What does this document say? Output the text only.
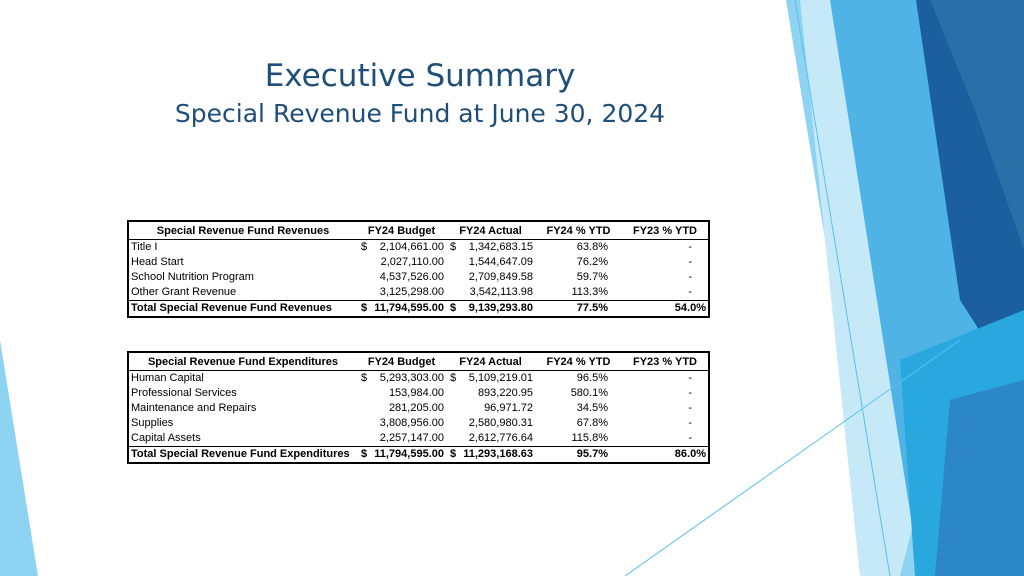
Executive Summary
Special Revenue Fund at June 30, 2024
Special Revenue Fund Revenues	FY24 Budget	FY24 Actual	FY24 % YTD	FY23 % YTD
Title I	$ 2,104,661.00	$ 1,342,683.15	63.8%	-
Head Start	2,027,110.00	1,544,647.09	76.2%	-
School Nutrition Program	4,537,526.00	2,709,849.58	59.7%	-
Other Grant Revenue	3,125,298.00	3,542,113.98	113.3%	-
Total Special Revenue Fund Revenues	$ 11,794,595.00	$ 9,139,293.80	77.5%	54.0%
Special Revenue Fund Expenditures	FY24 Budget	FY24 Actual	FY24 % YTD	FY23 % YTD
Human Capital	$ 5,293,303.00	$ 5,109,219.01	96.5%	-
Professional Services	153,984.00	893,220.95	580.1%	-
Maintenance and Repairs	281,205.00	96,971.72	34.5%	-
Supplies	3,808,956.00	2,580,980.31	67.8%	-
Capital Assets	2,257,147.00	2,612,776.64	115.8%	-
Total Special Revenue Fund Expenditures	$ 11,794,595.00	$ 11,293,168.63	95.7%	86.0%
